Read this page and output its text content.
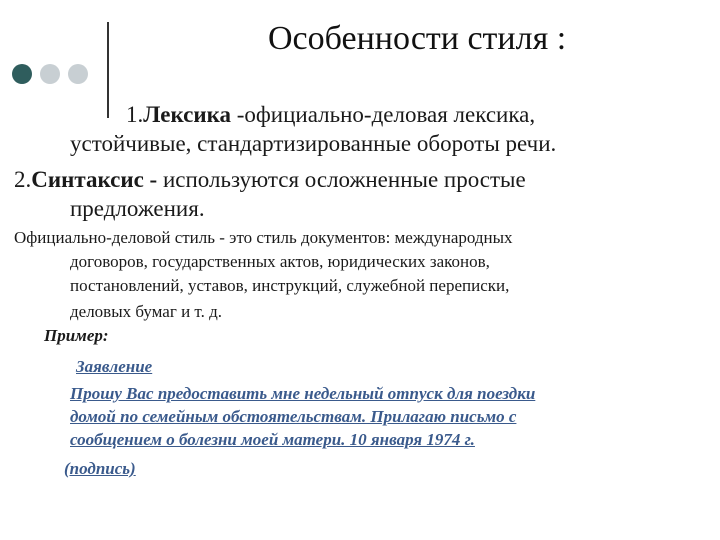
Особенности стиля :
1.Лексика -официально-деловая лексика,
устойчивые, стандартизированные обороты речи.
2.Синтаксис - используются осложненные простые
предложения.
Официально-деловой стиль - это стиль документов: международных
договоров, государственных актов, юридических законов,
постановлений, уставов, инструкций, служебной переписки,
деловых бумаг и т. д.
Пример:
Заявление
Прошу Вас предоставить мне недельный отпуск для поездки
домой по семейным обстоятельствам. Прилагаю письмо с
сообщением о болезни моей матери. 10 января 1974 г.
(подпись)
